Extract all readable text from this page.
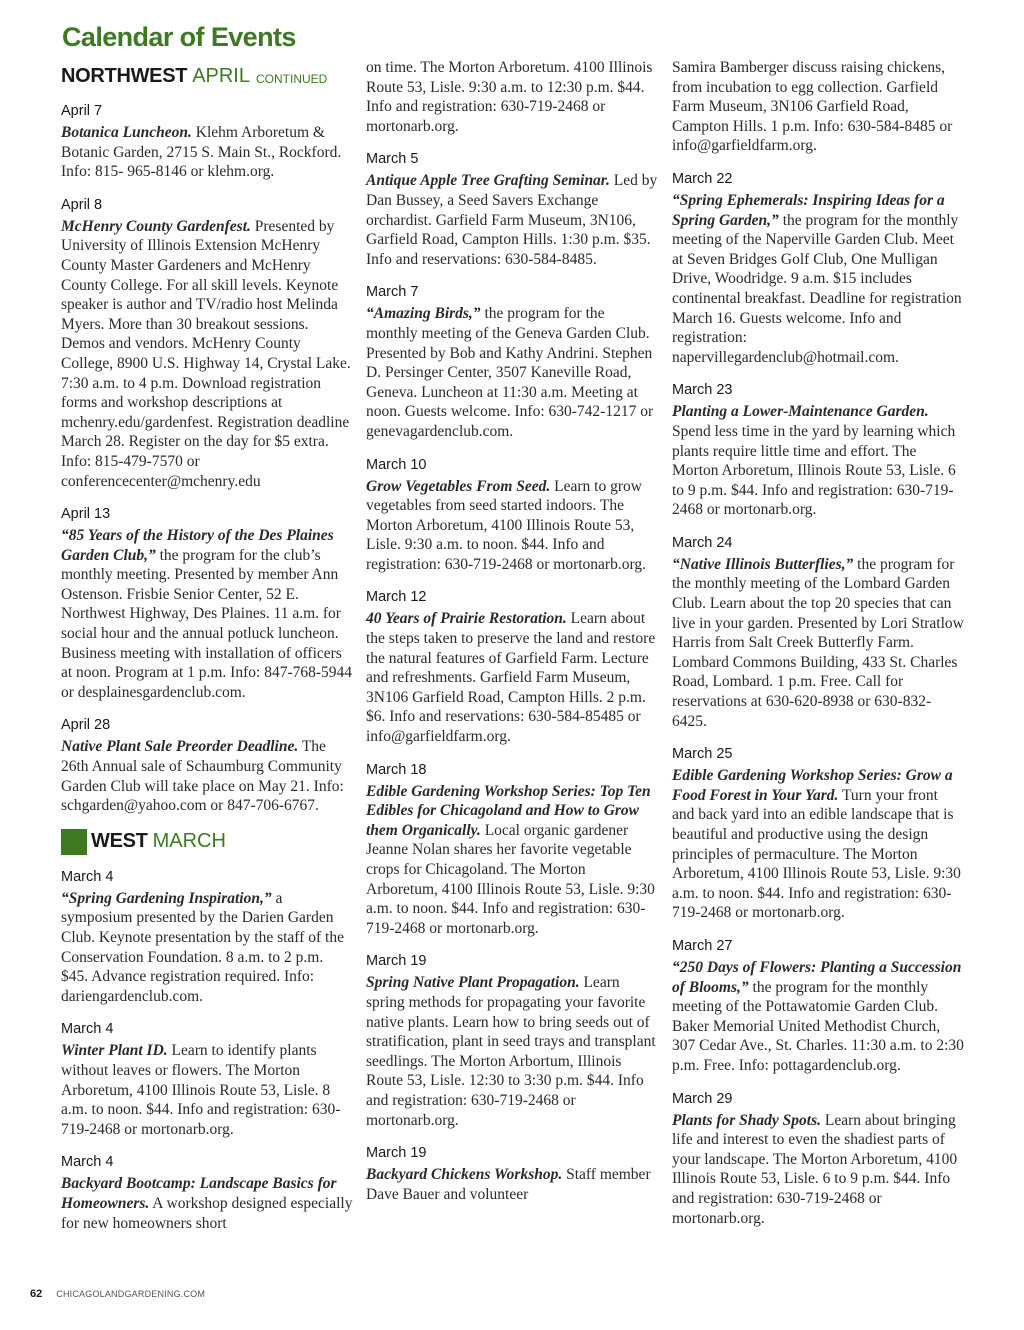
Calendar of Events
NORTHWEST APRIL CONTINUED
April 7
Botanica Luncheon. Klehm Arboretum & Botanic Garden, 2715 S. Main St., Rockford. Info: 815- 965-8146 or klehm.org.
April 8
McHenry County Gardenfest. Presented by University of Illinois Extension McHenry County Master Gardeners and McHenry County College. For all skill levels. Keynote speaker is author and TV/radio host Melinda Myers. More than 30 breakout sessions. Demos and vendors. McHenry County College, 8900 U.S. Highway 14, Crystal Lake. 7:30 a.m. to 4 p.m. Download registration forms and workshop descriptions at mchenry.edu/gardenfest. Registration deadline March 28. Register on the day for $5 extra. Info: 815-479-7570 or conferencecenter@mchenry.edu
April 13
“85 Years of the History of the Des Plaines Garden Club,” the program for the club’s monthly meeting. Presented by member Ann Ostenson. Frisbie Senior Center, 52 E. Northwest Highway, Des Plaines. 11 a.m. for social hour and the annual potluck luncheon. Business meeting with installation of officers at noon. Program at 1 p.m. Info: 847-768-5944 or desplainesgardenclub.com.
April 28
Native Plant Sale Preorder Deadline. The 26th Annual sale of Schaumburg Community Garden Club will take place on May 21. Info: schgarden@yahoo.com or 847-706-6767.
WEST MARCH
March 4
“Spring Gardening Inspiration,” a symposium presented by the Darien Garden Club. Keynote presentation by the staff of the Conservation Foundation. 8 a.m. to 2 p.m. $45. Advance registration required. Info: dariengardenclub.com.
March 4
Winter Plant ID. Learn to identify plants without leaves or flowers. The Morton Arboretum, 4100 Illinois Route 53, Lisle. 8 a.m. to noon. $44. Info and registration: 630-719-2468 or mortonarb.org.
March 4
Backyard Bootcamp: Landscape Basics for Homeowners. A workshop designed especially for new homeowners short
on time. The Morton Arboretum. 4100 Illinois Route 53, Lisle. 9:30 a.m. to 12:30 p.m. $44. Info and registration: 630-719-2468 or mortonarb.org.
March 5
Antique Apple Tree Grafting Seminar. Led by Dan Bussey, a Seed Savers Exchange orchardist. Garfield Farm Museum, 3N106, Garfield Road, Campton Hills. 1:30 p.m. $35. Info and reservations: 630-584-8485.
March 7
“Amazing Birds,” the program for the monthly meeting of the Geneva Garden Club. Presented by Bob and Kathy Andrini. Stephen D. Persinger Center, 3507 Kaneville Road, Geneva. Luncheon at 11:30 a.m. Meeting at noon. Guests welcome. Info: 630-742-1217 or genevagardenclub.com.
March 10
Grow Vegetables From Seed. Learn to grow vegetables from seed started indoors. The Morton Arboretum, 4100 Illinois Route 53, Lisle. 9:30 a.m. to noon. $44. Info and registration: 630-719-2468 or mortonarb.org.
March 12
40 Years of Prairie Restoration. Learn about the steps taken to preserve the land and restore the natural features of Garfield Farm. Lecture and refreshments. Garfield Farm Museum, 3N106 Garfield Road, Campton Hills. 2 p.m. $6. Info and reservations: 630-584-85485 or info@garfieldfarm.org.
March 18
Edible Gardening Workshop Series: Top Ten Edibles for Chicagoland and How to Grow them Organically. Local organic gardener Jeanne Nolan shares her favorite vegetable crops for Chicagoland. The Morton Arboretum, 4100 Illinois Route 53, Lisle. 9:30 a.m. to noon. $44. Info and registration: 630-719-2468 or mortonarb.org.
March 19
Spring Native Plant Propagation. Learn spring methods for propagating your favorite native plants. Learn how to bring seeds out of stratification, plant in seed trays and transplant seedlings. The Morton Arbortum, Illinois Route 53, Lisle. 12:30 to 3:30 p.m. $44. Info and registration: 630-719-2468 or mortonarb.org.
March 19
Backyard Chickens Workshop. Staff member Dave Bauer and volunteer
Samira Bamberger discuss raising chickens, from incubation to egg collection. Garfield Farm Museum, 3N106 Garfield Road, Campton Hills. 1 p.m. Info: 630-584-8485 or info@garfieldfarm.org.
March 22
“Spring Ephemerals: Inspiring Ideas for a Spring Garden,” the program for the monthly meeting of the Naperville Garden Club. Meet at Seven Bridges Golf Club, One Mulligan Drive, Woodridge. 9 a.m. $15 includes continental breakfast. Deadline for registration March 16. Guests welcome. Info and registration: napervillegardenclub@hotmail.com.
March 23
Planting a Lower-Maintenance Garden. Spend less time in the yard by learning which plants require little time and effort. The Morton Arboretum, Illinois Route 53, Lisle. 6 to 9 p.m. $44. Info and registration: 630-719-2468 or mortonarb.org.
March 24
“Native Illinois Butterflies,” the program for the monthly meeting of the Lombard Garden Club. Learn about the top 20 species that can live in your garden. Presented by Lori Stratlow Harris from Salt Creek Butterfly Farm. Lombard Commons Building, 433 St. Charles Road, Lombard. 1 p.m. Free. Call for reservations at 630-620-8938 or 630-832-6425.
March 25
Edible Gardening Workshop Series: Grow a Food Forest in Your Yard. Turn your front and back yard into an edible landscape that is beautiful and productive using the design principles of permaculture. The Morton Arboretum, 4100 Illinois Route 53, Lisle. 9:30 a.m. to noon. $44. Info and registration: 630-719-2468 or mortonarb.org.
March 27
“250 Days of Flowers: Planting a Succession of Blooms,” the program for the monthly meeting of the Pottawatomie Garden Club. Baker Memorial United Methodist Church, 307 Cedar Ave., St. Charles. 11:30 a.m. to 2:30 p.m. Free. Info: pottagardenclub.org.
March 29
Plants for Shady Spots. Learn about bringing life and interest to even the shadiest parts of your landscape. The Morton Arboretum, 4100 Illinois Route 53, Lisle. 6 to 9 p.m. $44. Info and registration: 630-719-2468 or mortonarb.org.
62 CHICAGOLANDGARDENING.COM
